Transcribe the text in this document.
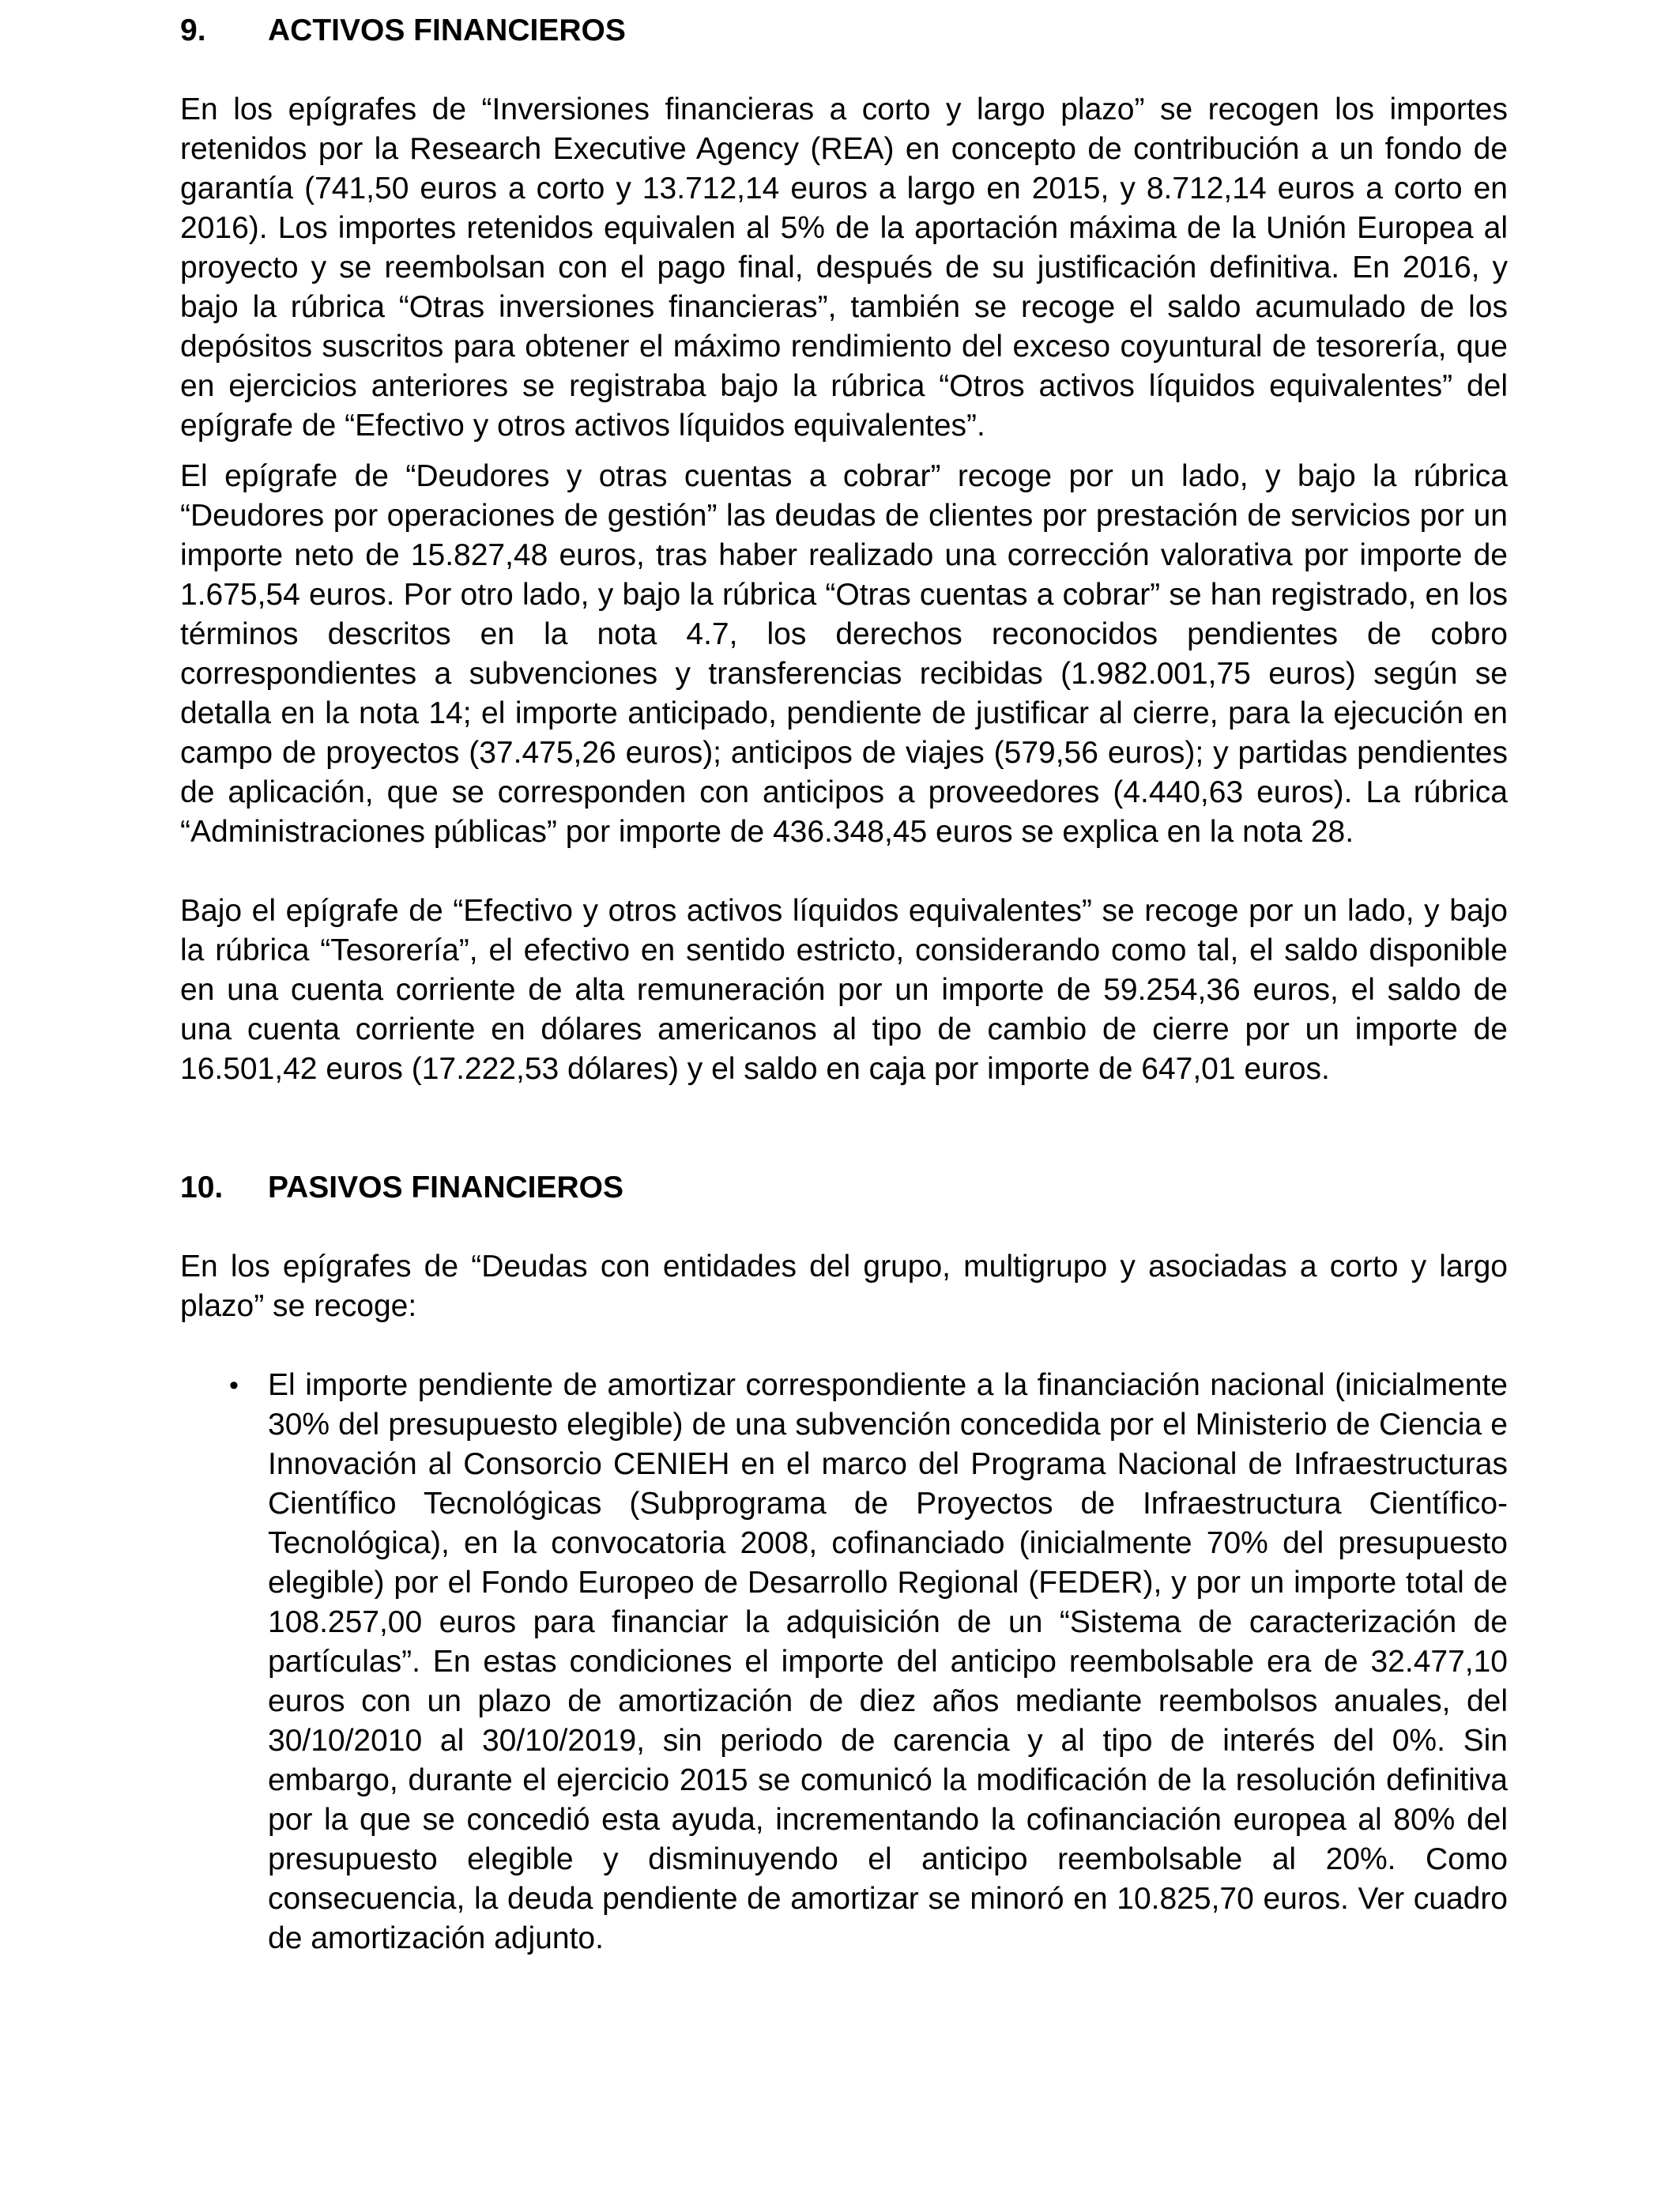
9.	ACTIVOS FINANCIEROS

En los epígrafes de “Inversiones financieras a corto y largo plazo” se recogen los importes retenidos por la Research Executive Agency (REA) en concepto de contribución a un fondo de garantía (741,50 euros a corto y 13.712,14 euros a largo en 2015, y 8.712,14 euros a corto en 2016). Los importes retenidos equivalen al 5% de la aportación máxima de la Unión Europea al proyecto y se reembolsan con el pago final, después de su justificación definitiva. En 2016, y bajo la rúbrica “Otras inversiones financieras”, también se recoge el saldo acumulado de los depósitos suscritos para obtener el máximo rendimiento del exceso coyuntural de tesorería, que en ejercicios anteriores se registraba bajo la rúbrica “Otros activos líquidos equivalentes” del epígrafe de “Efectivo y otros activos líquidos equivalentes”.

El epígrafe de “Deudores y otras cuentas a cobrar” recoge por un lado, y bajo la rúbrica “Deudores por operaciones de gestión” las deudas de clientes por prestación de servicios por un importe neto de 15.827,48 euros, tras haber realizado una corrección valorativa por importe de 1.675,54 euros. Por otro lado, y bajo la rúbrica “Otras cuentas a cobrar” se han registrado, en los términos descritos en la nota 4.7, los derechos reconocidos pendientes de cobro correspondientes a subvenciones y transferencias recibidas (1.982.001,75 euros) según se detalla en la nota 14; el importe anticipado, pendiente de justificar al cierre, para la ejecución en campo de proyectos (37.475,26 euros); anticipos de viajes (579,56 euros); y partidas pendientes de aplicación, que se corresponden con anticipos a proveedores (4.440,63 euros). La rúbrica “Administraciones públicas” por importe de 436.348,45 euros se explica en la nota 28.

Bajo el epígrafe de “Efectivo y otros activos líquidos equivalentes” se recoge por un lado, y bajo la rúbrica “Tesorería”, el efectivo en sentido estricto, considerando como tal, el saldo disponible en una cuenta corriente de alta remuneración por un importe de 59.254,36 euros, el saldo de una cuenta corriente en dólares americanos al tipo de cambio de cierre por un importe de 16.501,42 euros (17.222,53 dólares) y el saldo en caja por importe de 647,01 euros.

10.	PASIVOS FINANCIEROS

En los epígrafes de “Deudas con entidades del grupo, multigrupo y asociadas a corto y largo plazo” se recoge:

• El importe pendiente de amortizar correspondiente a la financiación nacional (inicialmente 30% del presupuesto elegible) de una subvención concedida por el Ministerio de Ciencia e Innovación al Consorcio CENIEH en el marco del Programa Nacional de Infraestructuras Científico Tecnológicas (Subprograma de Proyectos de Infraestructura Científico-Tecnológica), en la convocatoria 2008, cofinanciado (inicialmente 70% del presupuesto elegible) por el Fondo Europeo de Desarrollo Regional (FEDER), y por un importe total de 108.257,00 euros para financiar la adquisición de un “Sistema de caracterización de partículas”. En estas condiciones el importe del anticipo reembolsable era de 32.477,10 euros con un plazo de amortización de diez años mediante reembolsos anuales, del 30/10/2010 al 30/10/2019, sin periodo de carencia y al tipo de interés del 0%. Sin embargo, durante el ejercicio 2015 se comunicó la modificación de la resolución definitiva por la que se concedió esta ayuda, incrementando la cofinanciación europea al 80% del presupuesto elegible y disminuyendo el anticipo reembolsable al 20%. Como consecuencia, la deuda pendiente de amortizar se minoró en 10.825,70 euros. Ver cuadro de amortización adjunto.
